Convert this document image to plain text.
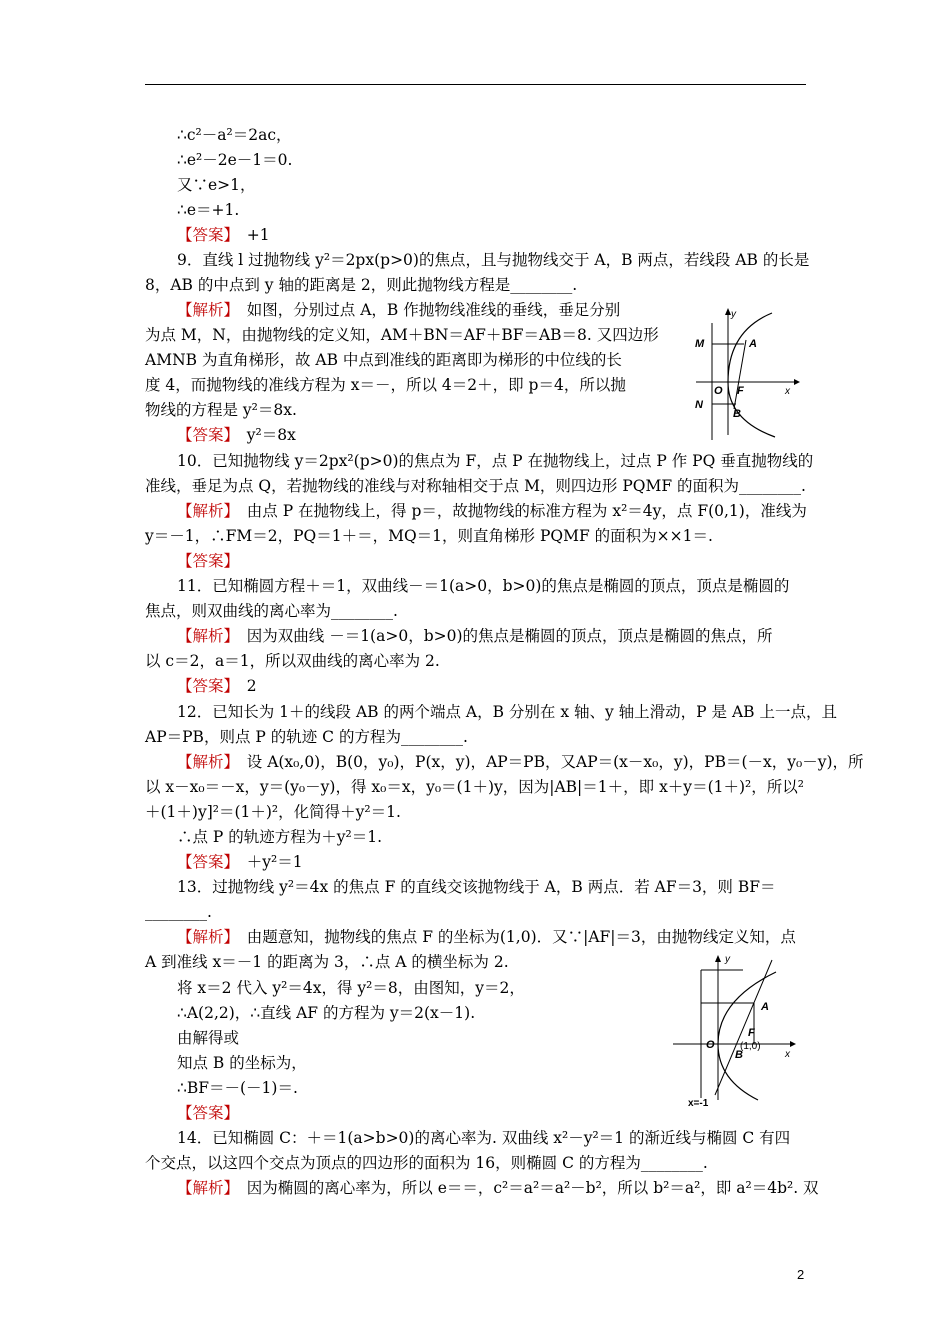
∴c²－a²＝2ac，
∴e²－2e－1＝0.
又∵e>1，
∴e＝+1.
【答案】　+1
9．直线 l 过抛物线 y²＝2px(p>0)的焦点，且与抛物线交于 A，B 两点，若线段 AB 的长是
8，AB 的中点到 y 轴的距离是 2，则此抛物线方程是________.
【解析】　如图，分别过点 A，B 作抛物线准线的垂线，垂足分别
为点 M，N，由抛物线的定义知，AM＋BN＝AF＋BF＝AB＝8. 又四边形
AMNB 为直角梯形，故 AB 中点到准线的距离即为梯形的中位线的长
度 4，而抛物线的准线方程为 x＝－，所以 4＝2＋，即 p＝4，所以抛
物线的方程是 y²＝8x.
【答案】　y²＝8x
10．已知抛物线 y＝2px²(p>0)的焦点为 F，点 P 在抛物线上，过点 P 作 PQ 垂直抛物线的
准线，垂足为点 Q，若抛物线的准线与对称轴相交于点 M，则四边形 PQMF 的面积为________.
【解析】　由点 P 在抛物线上，得 p＝，故抛物线的标准方程为 x²＝4y，点 F(0,1)，准线为
y＝－1，∴FM＝2，PQ＝1＋＝，MQ＝1，则直角梯形 PQMF 的面积为××1＝.
【答案】
11．已知椭圆方程＋＝1，双曲线－＝1(a>0，b>0)的焦点是椭圆的顶点，顶点是椭圆的
焦点，则双曲线的离心率为________.
【解析】　因为双曲线 －＝1(a>0，b>0)的焦点是椭圆的顶点，顶点是椭圆的焦点，所
以 c＝2，a＝1，所以双曲线的离心率为 2.
【答案】　2
12．已知长为 1＋的线段 AB 的两个端点 A，B 分别在 x 轴、y 轴上滑动，P 是 AB 上一点，且
AP＝PB，则点 P 的轨迹 C 的方程为________.
【解析】　设 A(x₀,0)，B(0，y₀)，P(x，y)，AP＝PB，又AP＝(x－x₀，y)，PB＝(－x，y₀－y)，所
以 x－x₀＝－x，y＝(y₀－y)，得 x₀＝x，y₀＝(1＋)y，因为|AB|＝1＋，即 x＋y＝(1＋)²，所以²
＋(1＋)y]²＝(1＋)²，化简得＋y²＝1.
∴点 P 的轨迹方程为＋y²＝1.
【答案】　＋y²＝1
13．过抛物线 y²＝4x 的焦点 F 的直线交该抛物线于 A，B 两点．若 AF＝3，则 BF＝
________.
【解析】　由题意知，抛物线的焦点 F 的坐标为(1,0)．又∵|AF|＝3，由抛物线定义知，点
A 到准线 x＝－1 的距离为 3，∴点 A 的横坐标为 2.
将 x＝2 代入 y²＝4x，得 y²＝8，由图知，y＝2，
∴A(2,2)，∴直线 AF 的方程为 y＝2(x－1).
由解得或
知点 B 的坐标为，
∴BF＝－(－1)＝.
【答案】
14．已知椭圆 C：＋＝1(a>b>0)的离心率为. 双曲线 x²－y²＝1 的渐近线与椭圆 C 有四
个交点，以这四个交点为顶点的四边形的面积为 16，则椭圆 C 的方程为________.
【解析】　因为椭圆的离心率为，所以 e＝＝，c²＝a²＝a²－b²，所以 b²＝a²，即 a²＝4b². 双
y
M	A
O F	x
N
B
y
A
F
(1,0)
O
B	x
x=-1
2
